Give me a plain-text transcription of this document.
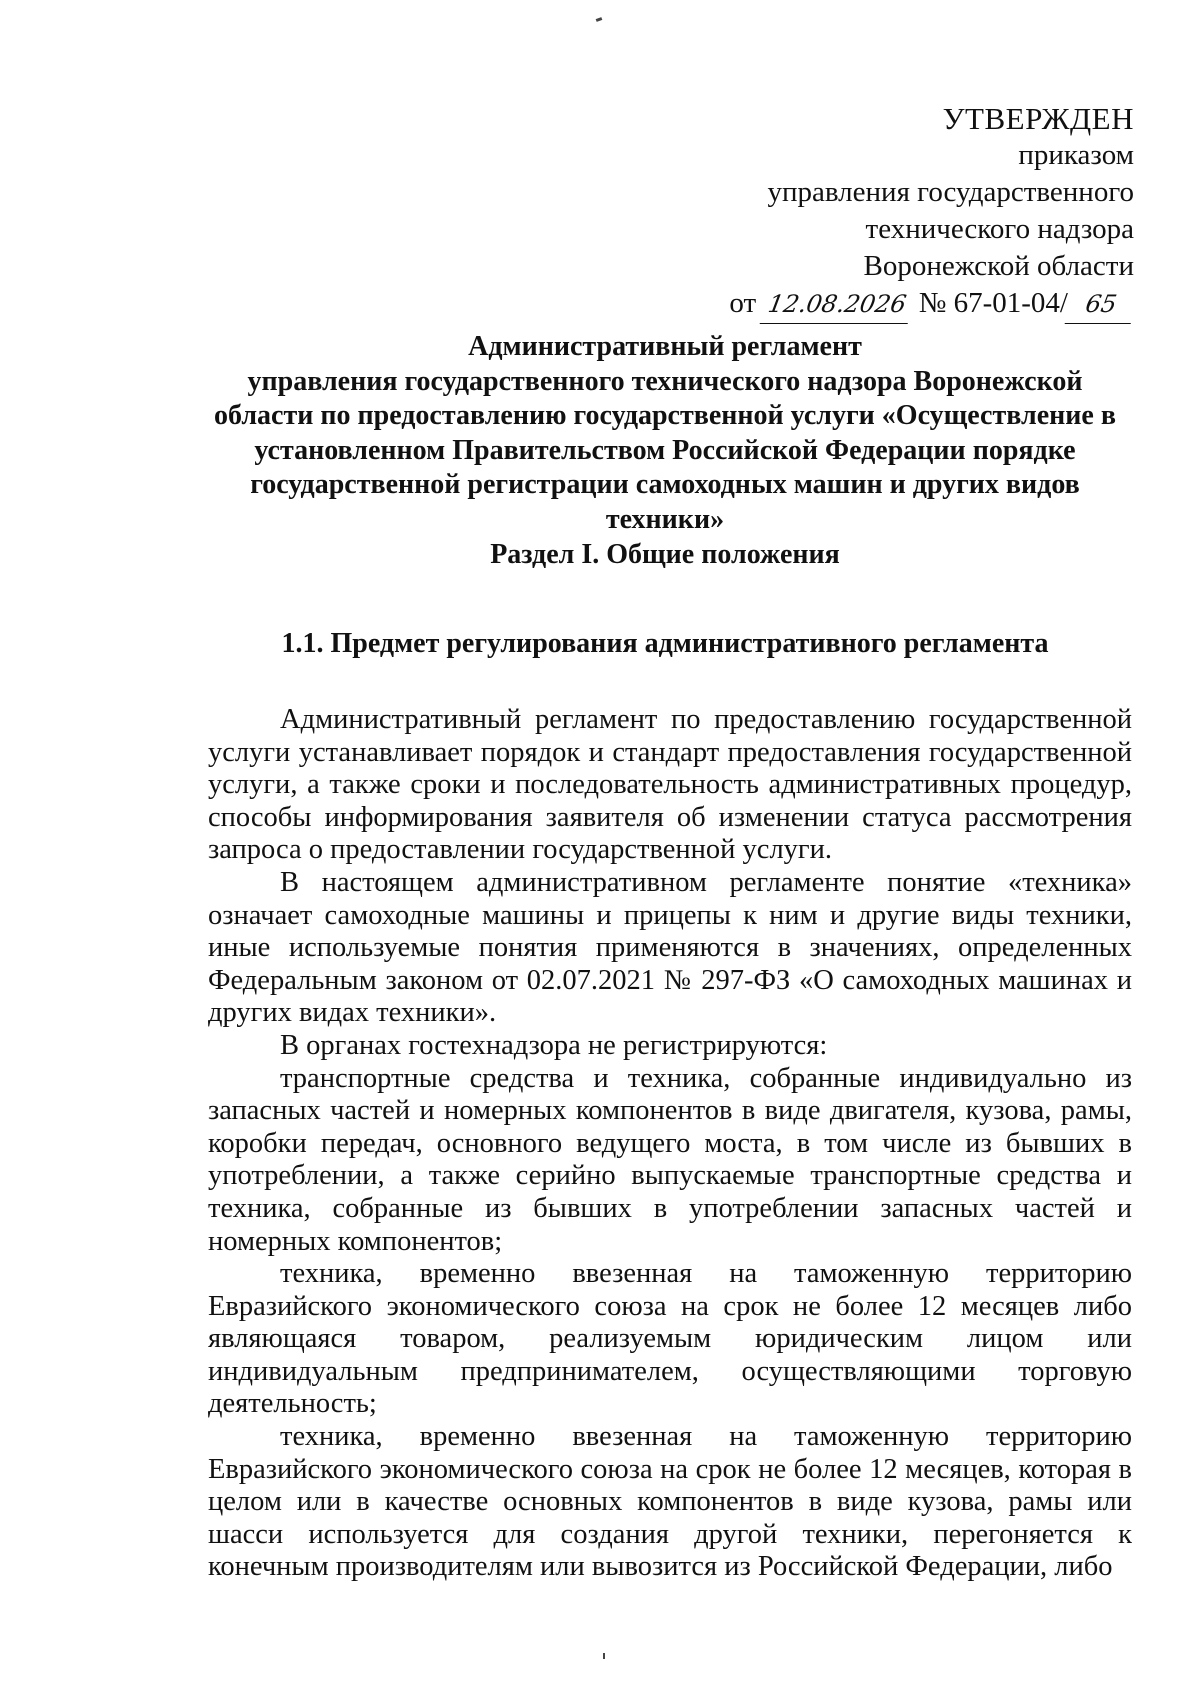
УТВЕРЖДЕН
приказом
управления государственного
технического надзора
Воронежской области
от 12.08.2026 № 67-01-04/ 65
Административный регламент
управления государственного технического надзора Воронежской
области по предоставлению государственной услуги «Осуществление в
установленном Правительством Российской Федерации порядке
государственной регистрации самоходных машин и других видов
техники»
Раздел I. Общие положения
1.1. Предмет регулирования административного регламента

Административный регламент по предоставлению государственной услуги устанавливает порядок и стандарт предоставления государственной услуги, а также сроки и последовательность административных процедур, способы информирования заявителя об изменении статуса рассмотрения запроса о предоставлении государственной услуги.

В настоящем административном регламенте понятие «техника» означает самоходные машины и прицепы к ним и другие виды техники, иные используемые понятия применяются в значениях, определенных Федеральным законом от 02.07.2021 № 297-ФЗ «О самоходных машинах и других видах техники».

В органах гостехнадзора не регистрируются:

транспортные средства и техника, собранные индивидуально из запасных частей и номерных компонентов в виде двигателя, кузова, рамы, коробки передач, основного ведущего моста, в том числе из бывших в употреблении, а также серийно выпускаемые транспортные средства и техника, собранные из бывших в употреблении запасных частей и номерных компонентов;

техника, временно ввезенная на таможенную территорию Евразийского экономического союза на срок не более 12 месяцев либо являющаяся товаром, реализуемым юридическим лицом или индивидуальным предпринимателем, осуществляющими торговую деятельность;

техника, временно ввезенная на таможенную территорию Евразийского экономического союза на срок не более 12 месяцев, которая в целом или в качестве основных компонентов в виде кузова, рамы или шасси используется для создания другой техники, перегоняется к конечным производителям или вывозится из Российской Федерации, либо
